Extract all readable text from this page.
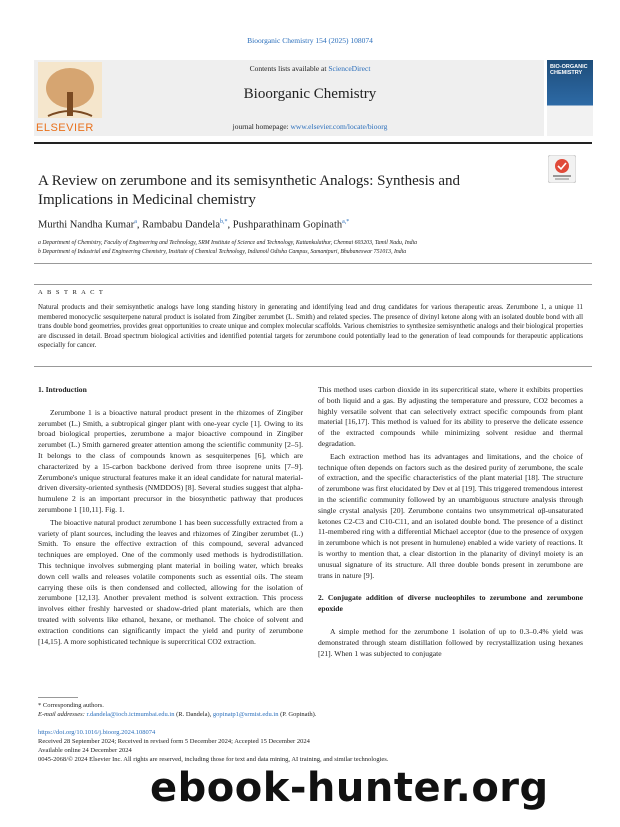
Bioorganic Chemistry 154 (2025) 108074
ELSEVIER
Contents lists available at ScienceDirect
Bioorganic Chemistry
journal homepage: www.elsevier.com/locate/bioorg
BIO-ORGANIC CHEMISTRY
A Review on zerumbone and its semisynthetic Analogs: Synthesis and Implications in Medicinal chemistry
Murthi Nandha Kumar$^a$, Rambabu Dandela$^{b,*}$, Pushparathinam Gopinath$^{a,*}$
a Department of Chemistry, Faculty of Engineering and Technology, SRM Institute of Science and Technology, Kattankulathur, Chennai 603203, Tamil Nadu, India
b Department of Industrial and Engineering Chemistry, Institute of Chemical Technology, Indianoil Odisha Campus, Samantpuri, Bhubaneswar 751013, India
A B S T R A C T
Natural products and their semisynthetic analogs have long standing history in generating and identifying lead and drug candidates for various therapeutic areas. Zerumbone 1, a unique 11 membered monocyclic sesquiterpene natural product is isolated from Zingiber zerumbet (L. Smith) and related species. The presence of divinyl ketone along with an isolated double bond with all trans double bond geometries, provides great opportunities to create unique and complex molecular scaffolds. Various chemistries to synthesize semisynthetic analogs and their biological properties are discussed in detail. Broad spectrum biological activities and identified potential targets for zerumbone could potentially lead to the generation of lead compounds for therapeutic applications especially for cancer.
1. Introduction

Zerumbone 1 is a bioactive natural product present in the rhizomes of Zingiber zerumbet (L.) Smith, a subtropical ginger plant with one-year cycle [1]. Owing to its broad biological properties, zerumbone a major bioactive compound in Zingiber zerumbet (L.) Smith garnered greater attention among the scientific community [2–5]. It belongs to the class of compounds known as sesquiterpenes [6], which are characterized by a 15-carbon backbone derived from three isoprene units [7–9]. Zerumbone's unique structural features make it an ideal candidate for natural material-driven diversity-oriented synthesis (NMDDOS) [8]. Several studies suggest that alpha-humulene 2 is an important precursor in the biosynthetic pathway that produces zerumbone 1 [10,11]. Fig. 1.

The bioactive natural product zerumbone 1 has been successfully extracted from a variety of plant sources, including the leaves and rhizomes of Zingiber zerumbet (L.) Smith. To ensure the effective extraction of this compound, several advanced techniques are employed. One of the commonly used methods is hydrodistillation. This technique involves submerging plant material in boiling water, which breaks down cell walls and releases volatile components such as essential oils. The steam carrying these oils is then condensed and collected, allowing for the isolation of zerumbone [12,13]. Another prevalent method is solvent extraction. This process involves either freshly harvested or shadow-dried plant materials, which are then treated with solvents like ethanol, hexane, or methanol. The choice of solvent and extraction conditions can significantly impact the yield and purity of zerumbone [14,15]. A more sophisticated technique is supercritical CO2 extraction.

This method uses carbon dioxide in its supercritical state, where it exhibits properties of both liquid and a gas. By adjusting the temperature and pressure, CO2 becomes a highly versatile solvent that can selectively extract specific compounds from plant material [16,17]. This method is valued for its ability to preserve the delicate essence of the extracted compounds while minimizing solvent residue and thermal degradation.

Each extraction method has its advantages and limitations, and the choice of technique often depends on factors such as the desired purity of zerumbone, the scale of extraction, and the specific characteristics of the plant material [18]. The structure of zerumbone was first elucidated by Dev et al [19]. This triggered tremendous interest in the scientific community followed by an unambiguous structure analysis through single crystal analysis [20]. Zerumbone contains two unsymmetrical αβ-unsaturated ketones C2-C3 and C10-C11, and an isolated double bond. The presence of a distinct 11-membered ring with a differential Michael acceptor (due to the presence of oxygen in zerumbone which is not present in humulene) enabled a wide variety of reactions. It is worthy to mention that, a clear distortion in the planarity of divinyl moiety is an unusual signature of its structure. All three double bonds present in zerumbone are trans in nature [9].

2. Conjugate addition of diverse nucleophiles to zerumbone and zerumbone epoxide

A simple method for the zerumbone 1 isolation of up to 0.3–0.4% yield was demonstrated through steam distillation followed by recrystallization using hexanes [21]. When 1 was subjected to conjugate

* Corresponding authors.
E-mail addresses: r.dandela@iocb.ictmumbai.edu.in (R. Dandela), gopinatp1@srmist.edu.in (P. Gopinath).
https://doi.org/10.1016/j.bioorg.2024.108074
Received 28 September 2024; Received in revised form 5 December 2024; Accepted 15 December 2024
Available online 24 December 2024
0045-2068/© 2024 Elsevier Inc. All rights are reserved, including those for text and data mining, AI training, and similar technologies.
ebook-hunter.org
